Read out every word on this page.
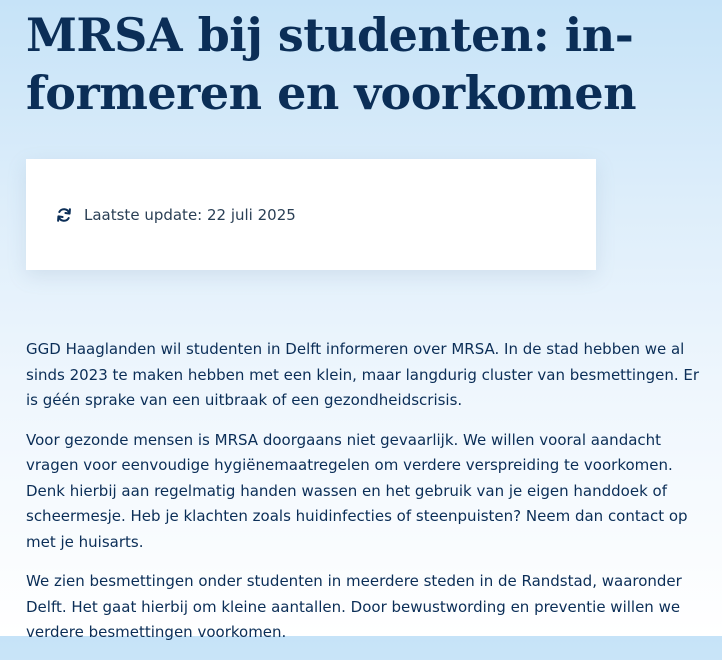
MRSA bij studenten: in-
formeren en voorkomen
Laatste update: 22 juli 2025

GGD Haaglanden wil studenten in Delft informeren over MRSA. In de stad hebben we al sinds 2023 te maken hebben met een klein, maar langdurig cluster van besmettingen. Er is géén sprake van een uitbraak of een gezondheidscrisis.

Voor gezonde mensen is MRSA doorgaans niet gevaarlijk. We willen vooral aandacht vragen voor eenvoudige hygiënemaatregelen om verdere verspreiding te voorkomen. Denk hierbij aan regelmatig handen wassen en het gebruik van je eigen handdoek of scheermesje. Heb je klachten zoals huidinfecties of steenpuisten? Neem dan contact op met je huisarts.

We zien besmettingen onder studenten in meerdere steden in de Randstad, waaronder Delft. Het gaat hierbij om kleine aantallen. Door bewustwording en preventie willen we verdere besmettingen voorkomen.
